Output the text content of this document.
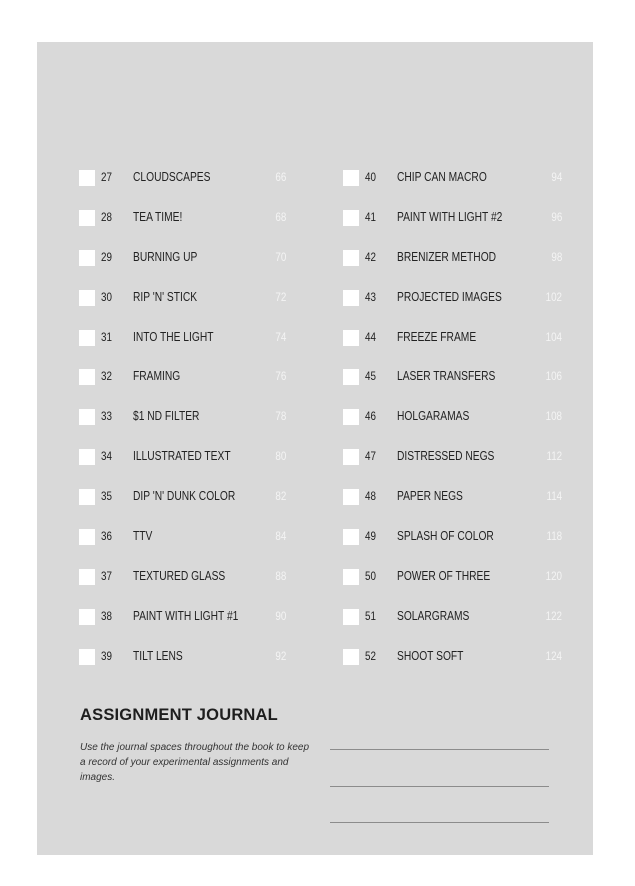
27 CLOUDSCAPES	66
28 TEA TIME!	68
29 BURNING UP	70
30 RIP 'N' STICK	72
31 INTO THE LIGHT	74
32 FRAMING	76
33 $1 ND FILTER	78
34 ILLUSTRATED TEXT	80
35 DIP 'N' DUNK COLOR	82
36 TTV	84
37 TEXTURED GLASS	88
38 PAINT WITH LIGHT #1	90
39 TILT LENS	92
40 CHIP CAN MACRO	94
41 PAINT WITH LIGHT #2	96
42 BRENIZER METHOD	98
43 PROJECTED IMAGES	102
44 FREEZE FRAME	104
45 LASER TRANSFERS	106
46 HOLGARAMAS	108
47 DISTRESSED NEGS	112
48 PAPER NEGS	114
49 SPLASH OF COLOR	118
50 POWER OF THREE	120
51 SOLARGRAMS	122
52 SHOOT SOFT	124
ASSIGNMENT JOURNAL
Use the journal spaces throughout the book to keep a record of your experimental assignments and images.
